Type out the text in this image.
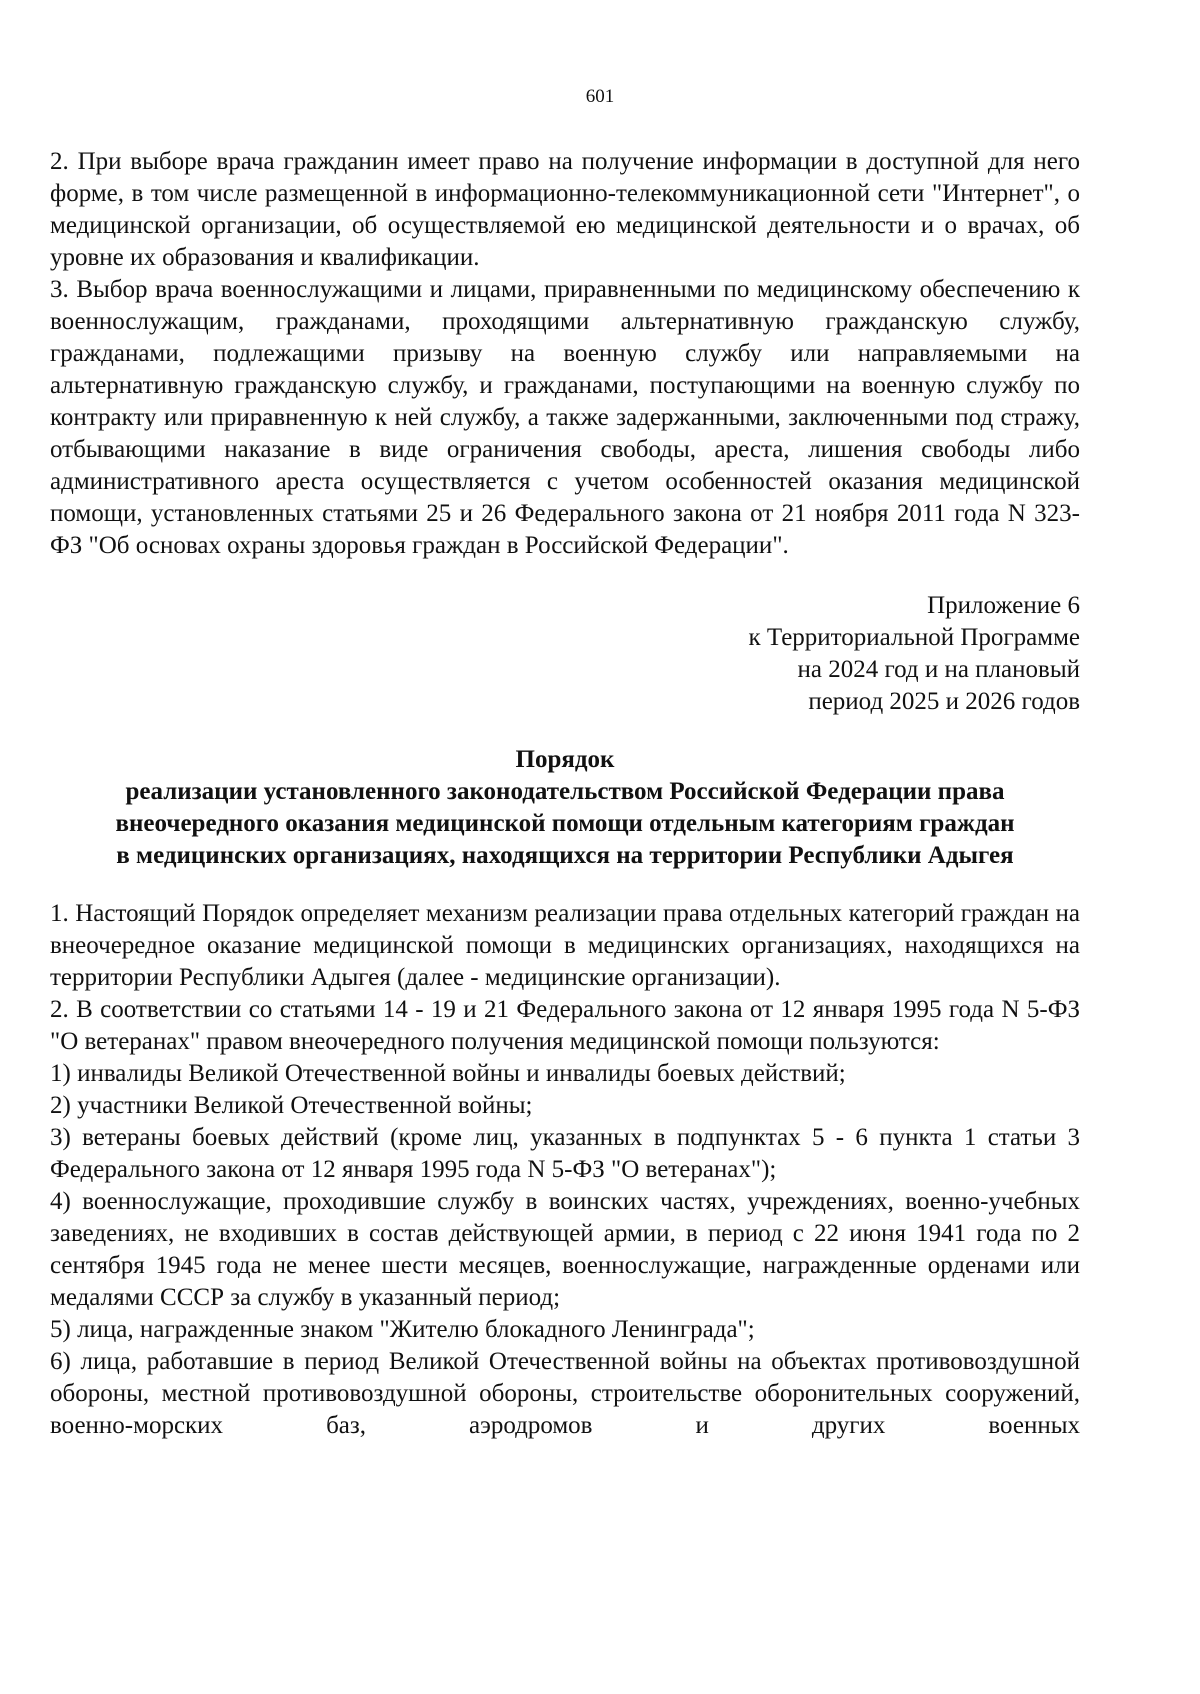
601

2. При выборе врача гражданин имеет право на получение информации в доступной для него форме, в том числе размещенной в информационно-телекоммуникационной сети "Интернет", о медицинской организации, об осуществляемой ею медицинской деятельности и о врачах, об уровне их образования и квалификации.

3. Выбор врача военнослужащими и лицами, приравненными по медицинскому обеспечению к военнослужащим, гражданами, проходящими альтернативную гражданскую службу, гражданами, подлежащими призыву на военную службу или направляемыми на альтернативную гражданскую службу, и гражданами, поступающими на военную службу по контракту или приравненную к ней службу, а также задержанными, заключенными под стражу, отбывающими наказание в виде ограничения свободы, ареста, лишения свободы либо административного ареста осуществляется с учетом особенностей оказания медицинской помощи, установленных статьями 25 и 26 Федерального закона от 21 ноября 2011 года N 323-ФЗ "Об основах охраны здоровья граждан в Российской Федерации".

Приложение 6
к Территориальной Программе
на 2024 год и на плановый
период 2025 и 2026 годов
Порядок
реализации установленного законодательством Российской Федерации права
внеочередного оказания медицинской помощи отдельным категориям граждан
в медицинских организациях, находящихся на территории Республики Адыгея

1. Настоящий Порядок определяет механизм реализации права отдельных категорий граждан на внеочередное оказание медицинской помощи в медицинских организациях, находящихся на территории Республики Адыгея (далее - медицинские организации).

2. В соответствии со статьями 14 - 19 и 21 Федерального закона от 12 января 1995 года N 5-ФЗ "О ветеранах" правом внеочередного получения медицинской помощи пользуются:

1) инвалиды Великой Отечественной войны и инвалиды боевых действий;

2) участники Великой Отечественной войны;

3) ветераны боевых действий (кроме лиц, указанных в подпунктах 5 - 6 пункта 1 статьи 3 Федерального закона от 12 января 1995 года N 5-ФЗ "О ветеранах");

4) военнослужащие, проходившие службу в воинских частях, учреждениях, военно-учебных заведениях, не входивших в состав действующей армии, в период с 22 июня 1941 года по 2 сентября 1945 года не менее шести месяцев, военнослужащие, награжденные орденами или медалями СССР за службу в указанный период;

5) лица, награжденные знаком "Жителю блокадного Ленинграда";

6) лица, работавшие в период Великой Отечественной войны на объектах противовоздушной обороны, местной противовоздушной обороны, строительстве оборонительных сооружений, военно-морских баз, аэродромов и других военных
